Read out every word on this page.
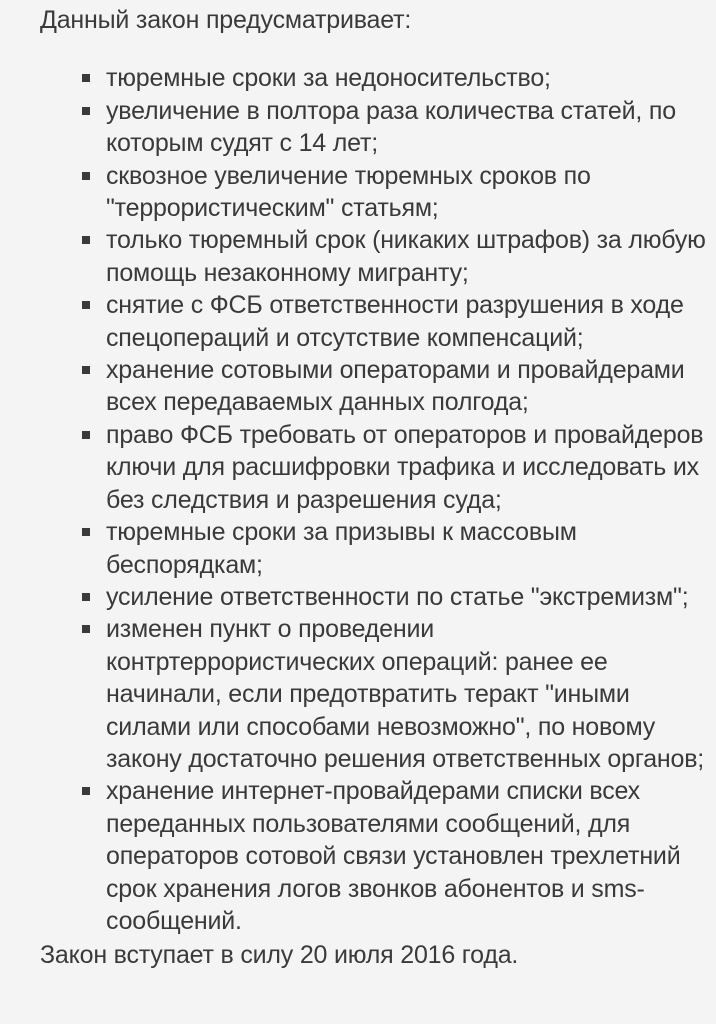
Данный закон предусматривает:

тюремные сроки за недоносительство;
увеличение в полтора раза количества статей, по которым судят с 14 лет;
сквозное увеличение тюремных сроков по "террористическим" статьям;
только тюремный срок (никаких штрафов) за любую помощь незаконному мигранту;
снятие с ФСБ ответственности разрушения в ходе спецопераций и отсутствие компенсаций;
хранение сотовыми операторами и провайдерами всех передаваемых данных полгода;
право ФСБ требовать от операторов и провайдеров ключи для расшифровки трафика и исследовать их без следствия и разрешения суда;
тюремные сроки за призывы к массовым беспорядкам;
усиление ответственности по статье "экстремизм";
изменен пункт о проведении контртеррористических операций: ранее ее начинали, если предотвратить теракт "иными силами или способами невозможно", по новому закону достаточно решения ответственных органов;
хранение интернет-провайдерами списки всех переданных пользователями сообщений, для операторов сотовой связи установлен трехлетний срок хранения логов звонков абонентов и sms-сообщений.

Закон вступает в силу 20 июля 2016 года.
